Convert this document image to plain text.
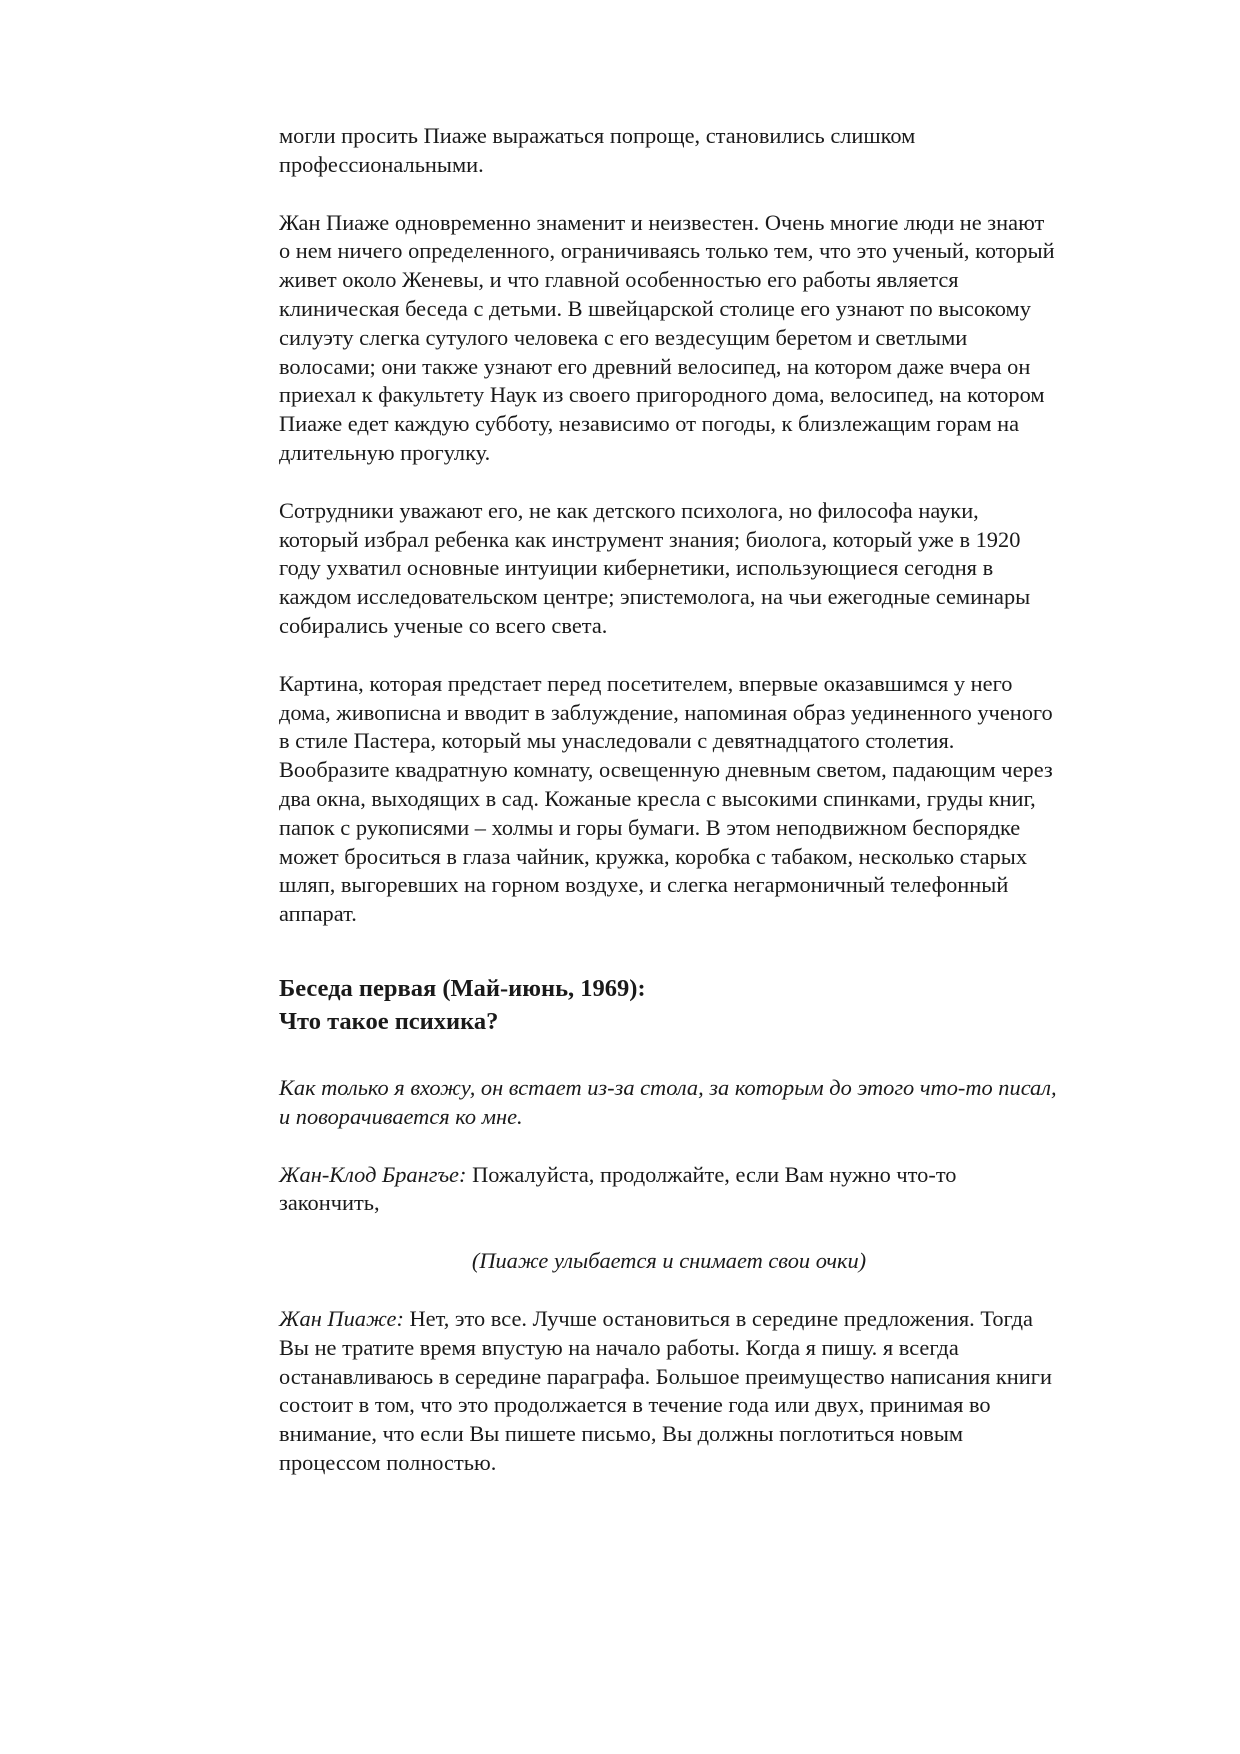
могли просить Пиаже выражаться попроще, становились слишком профессиональными.

Жан Пиаже одновременно знаменит и неизвестен. Очень многие люди не знают о нем ничего определенного, ограничиваясь только тем, что это ученый, который живет около Женевы, и что главной особенностью его работы является клиническая беседа с детьми. В швейцарской столице его узнают по высокому силуэту слегка сутулого человека с его вездесущим беретом и светлыми волосами; они также узнают его древний велосипед, на котором даже вчера он приехал к факультету Наук из своего пригородного дома, велосипед, на котором Пиаже едет каждую субботу, независимо от погоды, к близлежащим горам на длительную прогулку.

Сотрудники уважают его, не как детского психолога, но философа науки, который избрал ребенка как инструмент знания; биолога, который уже в 1920 году ухватил основные интуиции кибернетики, использующиеся сегодня в каждом исследовательском центре; эпистемолога, на чьи ежегодные семинары собирались ученые со всего света.

Картина, которая предстает перед посетителем, впервые оказавшимся у него дома, живописна и вводит в заблуждение, напоминая образ уединенного ученого в стиле Пастера, который мы унаследовали с девятнадцатого столетия. Вообразите квадратную комнату, освещенную дневным светом, падающим через два окна, выходящих в сад. Кожаные кресла с высокими спинками, груды книг, папок с рукописями – холмы и горы бумаги. В этом неподвижном беспорядке может броситься в глаза чайник, кружка, коробка с табаком, несколько старых шляп, выгоревших на горном воздухе, и слегка негармоничный телефонный аппарат.

Беседа первая (Май-июнь, 1969):
Что такое психика?

Как только я вхожу, он встает из-за стола, за которым до этого что-то писал, и поворачивается ко мне.

Жан-Клод Брангъе: Пожалуйста, продолжайте, если Вам нужно что-то закончить,

(Пиаже улыбается и снимает свои очки)

Жан Пиаже: Нет, это все. Лучше остановиться в середине предложения. Тогда Вы не тратите время впустую на начало работы. Когда я пишу. я всегда останавливаюсь в середине параграфа. Большое преимущество написания книги состоит в том, что это продолжается в течение года или двух, принимая во внимание, что если Вы пишете письмо, Вы должны поглотиться новым процессом полностью.
